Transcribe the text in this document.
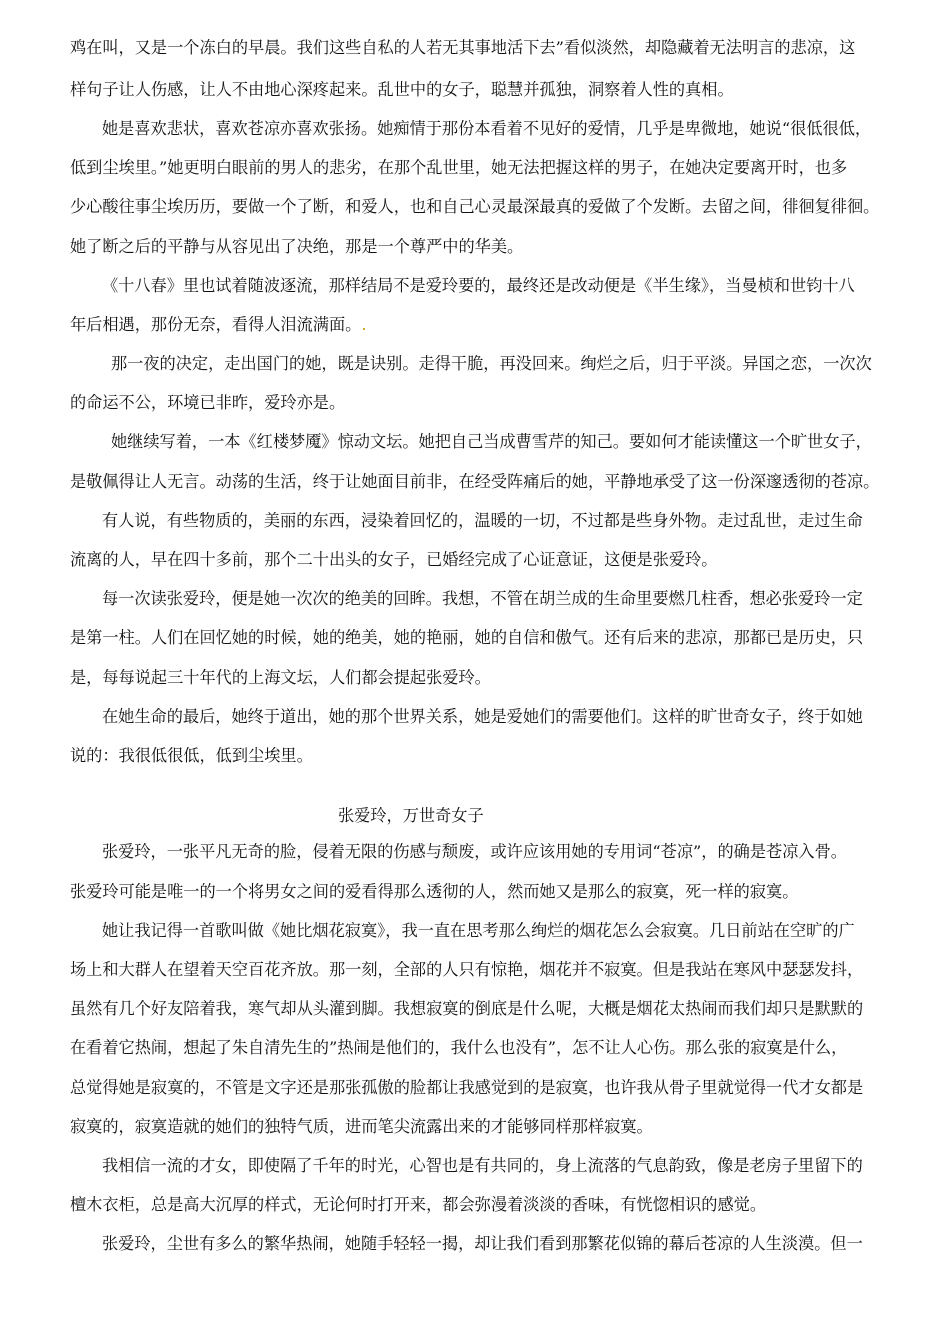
鸡在叫，又是一个冻白的早晨。我们这些自私的人若无其事地活下去”看似淡然，却隐藏着无法明言的悲凉，这
样句子让人伤感，让人不由地心深疼起来。乱世中的女子，聪慧并孤独，洞察着人性的真相。
她是喜欢悲状，喜欢苍凉亦喜欢张扬。她痴情于那份本看着不见好的爱情，几乎是卑微地，她说“很低很低，
低到尘埃里。”她更明白眼前的男人的悲劣，在那个乱世里，她无法把握这样的男子，在她决定要离开时，也多
少心酸往事尘埃历历，要做一个了断，和爱人，也和自己心灵最深最真的爱做了个发断。去留之间，徘徊复徘徊。
她了断之后的平静与从容见出了决绝，那是一个尊严中的华美。
《十八春》里也试着随波逐流，那样结局不是爱玲要的，最终还是改动便是《半生缘》，当曼桢和世钧十八
年后相遇，那份无奈，看得人泪流满面。.
那一夜的决定，走出国门的她，既是诀别。走得干脆，再没回来。绚烂之后，归于平淡。异国之恋，一次次
的命运不公，环境已非昨，爱玲亦是。
她继续写着，一本《红楼梦魇》惊动文坛。她把自己当成曹雪芹的知己。要如何才能读懂这一个旷世女子，
是敬佩得让人无言。动荡的生活，终于让她面目前非，在经受阵痛后的她，平静地承受了这一份深邃透彻的苍凉。
有人说，有些物质的，美丽的东西，浸染着回忆的，温暖的一切，不过都是些身外物。走过乱世，走过生命
流离的人，早在四十多前，那个二十出头的女子，已婚经完成了心证意证，这便是张爱玲。
每一次读张爱玲，便是她一次次的绝美的回眸。我想，不管在胡兰成的生命里要燃几柱香，想必张爱玲一定
是第一柱。人们在回忆她的时候，她的绝美，她的艳丽，她的自信和傲气。还有后来的悲凉，那都已是历史，只
是，每每说起三十年代的上海文坛，人们都会提起张爱玲。
在她生命的最后，她终于道出，她的那个世界关系，她是爱她们的需要他们。这样的旷世奇女子，终于如她
说的：我很低很低，低到尘埃里。
张爱玲，万世奇女子
张爱玲，一张平凡无奇的脸，侵着无限的伤感与颓废，或许应该用她的专用词“苍凉”，的确是苍凉入骨。
张爱玲可能是唯一的一个将男女之间的爱看得那么透彻的人，然而她又是那么的寂寞，死一样的寂寞。
她让我记得一首歌叫做《她比烟花寂寞》，我一直在思考那么绚烂的烟花怎么会寂寞。几日前站在空旷的广
场上和大群人在望着天空百花齐放。那一刻，全部的人只有惊艳，烟花并不寂寞。但是我站在寒风中瑟瑟发抖，
虽然有几个好友陪着我，寒气却从头灌到脚。我想寂寞的倒底是什么呢，大概是烟花太热闹而我们却只是默默的
在看着它热闹，想起了朱自清先生的”热闹是他们的，我什么也没有”，怎不让人心伤。那么张的寂寞是什么，
总觉得她是寂寞的，不管是文字还是那张孤傲的脸都让我感觉到的是寂寞，也许我从骨子里就觉得一代才女都是
寂寞的，寂寞造就的她们的独特气质，进而笔尖流露出来的才能够同样那样寂寞。
我相信一流的才女，即使隔了千年的时光，心智也是有共同的，身上流落的气息韵致，像是老房子里留下的
檀木衣柜，总是高大沉厚的样式，无论何时打开来，都会弥漫着淡淡的香味，有恍惚相识的感觉。
张爱玲，尘世有多么的繁华热闹，她随手轻轻一揭，却让我们看到那繁花似锦的幕后苍凉的人生淡漠。但一
